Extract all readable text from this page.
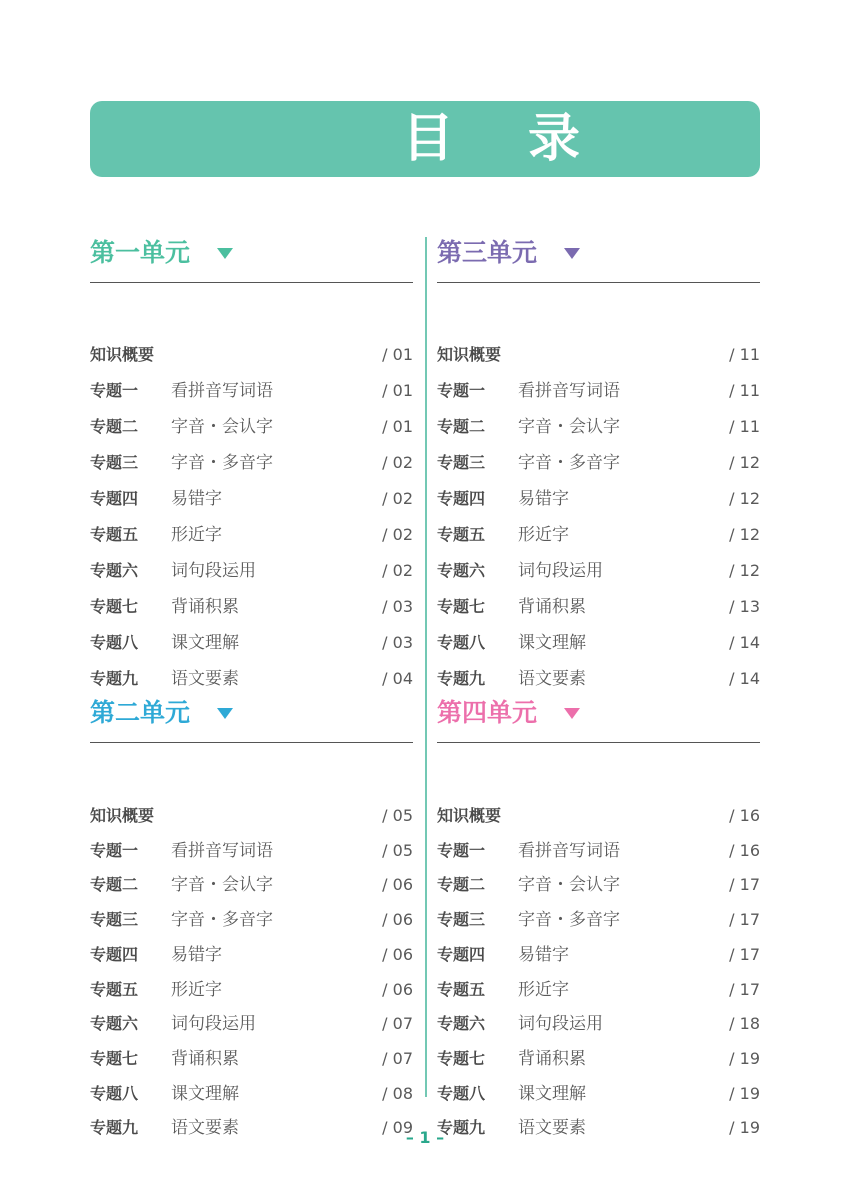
目 录
第一单元
知识概要	/ 01
专题一 看拼音写词语	/ 01
专题二 字音・会认字	/ 01
专题三 字音・多音字	/ 02
专题四 易错字	/ 02
专题五 形近字	/ 02
专题六 词句段运用	/ 02
专题七 背诵积累	/ 03
专题八 课文理解	/ 03
专题九 语文要素	/ 04
第三单元
知识概要	/ 11
专题一 看拼音写词语	/ 11
专题二 字音・会认字	/ 11
专题三 字音・多音字	/ 12
专题四 易错字	/ 12
专题五 形近字	/ 12
专题六 词句段运用	/ 12
专题七 背诵积累	/ 13
专题八 课文理解	/ 14
专题九 语文要素	/ 14
第二单元
知识概要	/ 05
专题一 看拼音写词语	/ 05
专题二 字音・会认字	/ 06
专题三 字音・多音字	/ 06
专题四 易错字	/ 06
专题五 形近字	/ 06
专题六 词句段运用	/ 07
专题七 背诵积累	/ 07
专题八 课文理解	/ 08
专题九 语文要素	/ 09
第四单元
知识概要	/ 16
专题一 看拼音写词语	/ 16
专题二 字音・会认字	/ 17
专题三 字音・多音字	/ 17
专题四 易错字	/ 17
专题五 形近字	/ 17
专题六 词句段运用	/ 18
专题七 背诵积累	/ 19
专题八 课文理解	/ 19
专题九 语文要素	/ 19
– 1 –
